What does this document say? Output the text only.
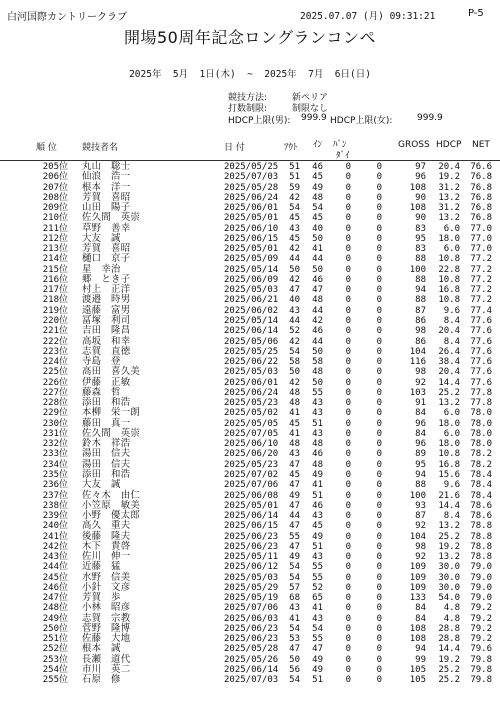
白河国際カントリークラブ	2025.07.07 (月) 09:31:21	P-5
開場50周年記念ロングランコンペ
2025年  5月  1日(木)  ~  2025年  7月  6日(日)
競技方法:	新ペリア
打数制限:	制限なし
HDCP上限(男): 999.9 HDCP上限(女):	999.9
順 位	競技者名	日 付	ｱｳﾄ ｲﾝ ﾊﾞﾝ
ﾀﾞｲ
GROSS HDCP NET
205位 丸山　聡士	2025/05/25	51	46	0	0	97	20.4	76.6
206位 仙浪　浩一	2025/07/03	51	45	0	0	96	19.2	76.8
207位 根本　洋一	2025/05/28	59	49	0	0	108	31.2	76.8
208位 芳賀　喜昭	2025/06/24	42	48	0	0	90	13.2	76.8
209位 山田　陽子	2025/06/01	54	54	0	0	108	31.2	76.8
210位 佐久間　英崇	2025/05/01	45	45	0	0	90	13.2	76.8
211位 草野　善幸	2025/06/10	43	40	0	0	83	6.0	77.0
212位 大友　誠	2025/06/15	45	50	0	0	95	18.0	77.0
213位 芳賀　喜昭	2025/05/01	42	41	0	0	83	6.0	77.0
214位 樋口　京子	2025/05/09	44	44	0	0	88	10.8	77.2
215位 星　幸治	2025/05/14	50	50	0	0	100	22.8	77.2
216位 郷　とき子	2025/06/09	42	46	0	0	88	10.8	77.2
217位 村上　正洋	2025/05/03	47	47	0	0	94	16.8	77.2
218位 渡邉　時男	2025/06/21	40	48	0	0	88	10.8	77.2
219位 遠藤　富男	2025/06/02	43	44	0	0	87	9.6	77.4
220位 冨塚　利司	2025/05/14	44	42	0	0	86	8.4	77.6
221位 吉田　隆昌	2025/06/14	52	46	0	0	98	20.4	77.6
222位 高坂　和幸	2025/05/06	42	44	0	0	86	8.4	77.6
223位 志賀　直徳	2025/05/25	54	50	0	0	104	26.4	77.6
224位 寺島　登	2025/06/22	58	58	0	0	116	38.4	77.6
225位 高田　喜久美	2025/05/03	50	48	0	0	98	20.4	77.6
226位 伊藤　正敏	2025/06/01	42	50	0	0	92	14.4	77.6
227位 藤森　哲	2025/06/24	48	55	0	0	103	25.2	77.8
228位 添田　和浩	2025/05/23	48	43	0	0	91	13.2	77.8
229位 本柳　栄一朗	2025/05/02	41	43	0	0	84	6.0	78.0
230位 藤田　真一	2025/05/05	45	51	0	0	96	18.0	78.0
231位 佐久間　英崇	2025/07/05	41	43	0	0	84	6.0	78.0
232位 鈴木　祥浩	2025/06/10	48	48	0	0	96	18.0	78.0
233位 湯田　信夫	2025/06/20	43	46	0	0	89	10.8	78.2
234位 湯田　信夫	2025/05/23	47	48	0	0	95	16.8	78.2
235位 添田　和浩	2025/07/02	45	49	0	0	94	15.6	78.4
236位 大友　誠	2025/07/06	47	41	0	0	88	9.6	78.4
237位 佐々木　由仁	2025/06/08	49	51	0	0	100	21.6	78.4
238位 小笠原　敏美	2025/05/01	47	46	0	0	93	14.4	78.6
239位 小野　優太郎	2025/06/14	44	43	0	0	87	8.4	78.6
240位 高久　重夫	2025/06/15	47	45	0	0	92	13.2	78.8
241位 後藤　隆夫	2025/06/23	55	49	0	0	104	25.2	78.8
242位 木下　貴啓	2025/06/23	47	51	0	0	98	19.2	78.8
243位 佐川　伸一	2025/05/11	49	43	0	0	92	13.2	78.8
244位 近藤　猛	2025/06/12	54	55	0	0	109	30.0	79.0
245位 水野　信美	2025/05/03	54	55	0	0	109	30.0	79.0
246位 小針　文彦	2025/05/29	57	52	0	0	109	30.0	79.0
247位 芳賀　歩	2025/05/19	68	65	0	0	133	54.0	79.0
248位 小林　昭彦	2025/07/06	43	41	0	0	84	4.8	79.2
249位 志賀　宗教	2025/06/03	41	43	0	0	84	4.8	79.2
250位 菅野　隆博	2025/06/23	54	54	0	0	108	28.8	79.2
251位 佐藤　大地	2025/06/23	53	55	0	0	108	28.8	79.2
252位 根本　誠	2025/05/28	47	47	0	0	94	14.4	79.6
253位 長瀬　道代	2025/05/26	50	49	0	0	99	19.2	79.8
254位 市川　英二	2025/06/14	56	49	0	0	105	25.2	79.8
255位 石原　修	2025/07/03	54	51	0	0	105	25.2	79.8
